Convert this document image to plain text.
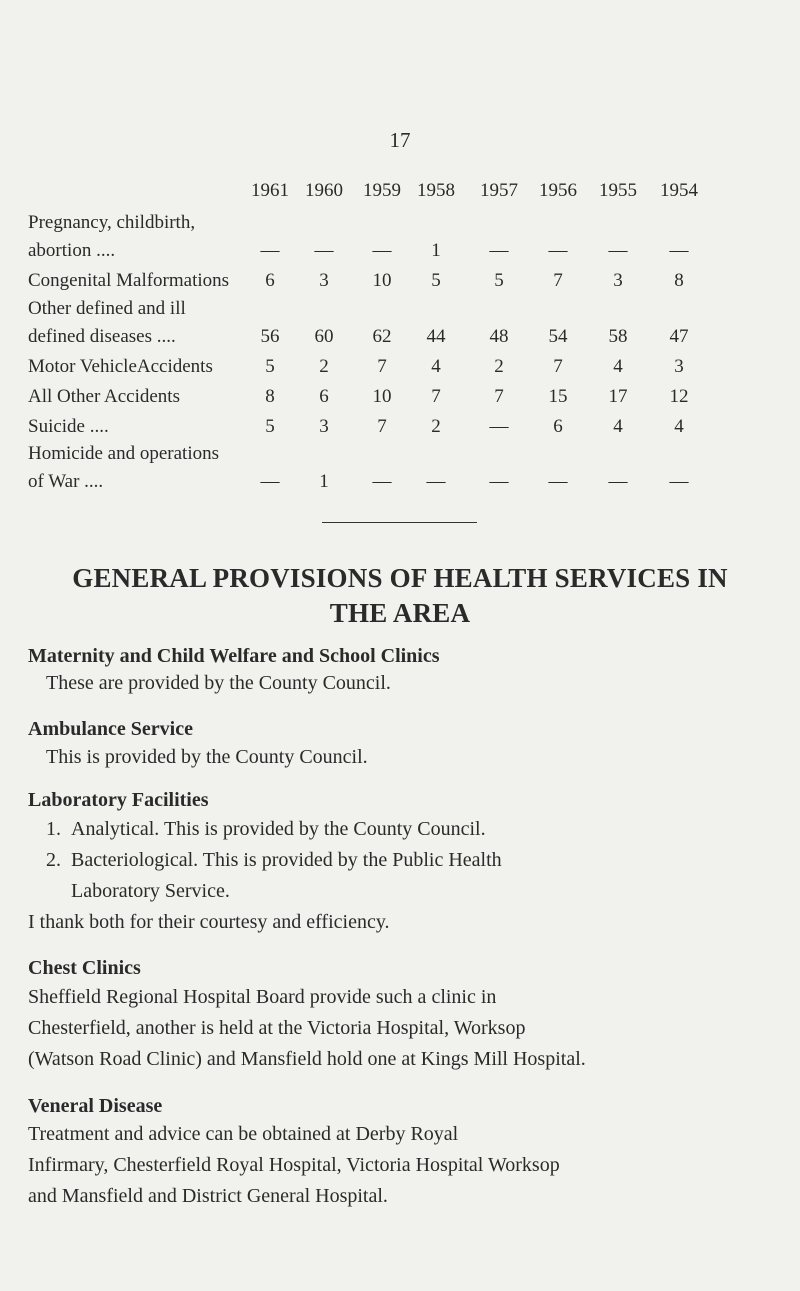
17
1961 1960	1959 1958	1957	1956	1955	1954
Pregnancy, childbirth,
abortion ....	—	—	—	1	—	—	—	—
Congenital Malformations	6	3	10	5	5	7	3	8
Other defined and ill
defined diseases ....	56	60	62	44	48	54	58	47
Motor VehicleAccidents	5	2	7	4	2	7	4	3
All Other Accidents	8	6	10	7	7	15	17	12
Suicide ....	5	3	7	2	—	6	4	4
Homicide and operations
of War ....	—	1	—	—	—	—	—	—
GENERAL PROVISIONS OF HEALTH SERVICES IN
THE AREA
Maternity and Child Welfare and School Clinics
These are provided by the County Council.
Ambulance Service
This is provided by the County Council.
Laboratory Facilities
1. Analytical. This is provided by the County Council.
2. Bacteriological. This is provided by the Public Health
Laboratory Service.
I thank both for their courtesy and efficiency.
Chest Clinics
Sheffield Regional Hospital Board provide such a clinic in
Chesterfield, another is held at the Victoria Hospital, Worksop
(Watson Road Clinic) and Mansfield hold one at Kings Mill Hospital.
Veneral Disease
Treatment and advice can be obtained at Derby Royal
Infirmary, Chesterfield Royal Hospital, Victoria Hospital Worksop
and Mansfield and District General Hospital.
